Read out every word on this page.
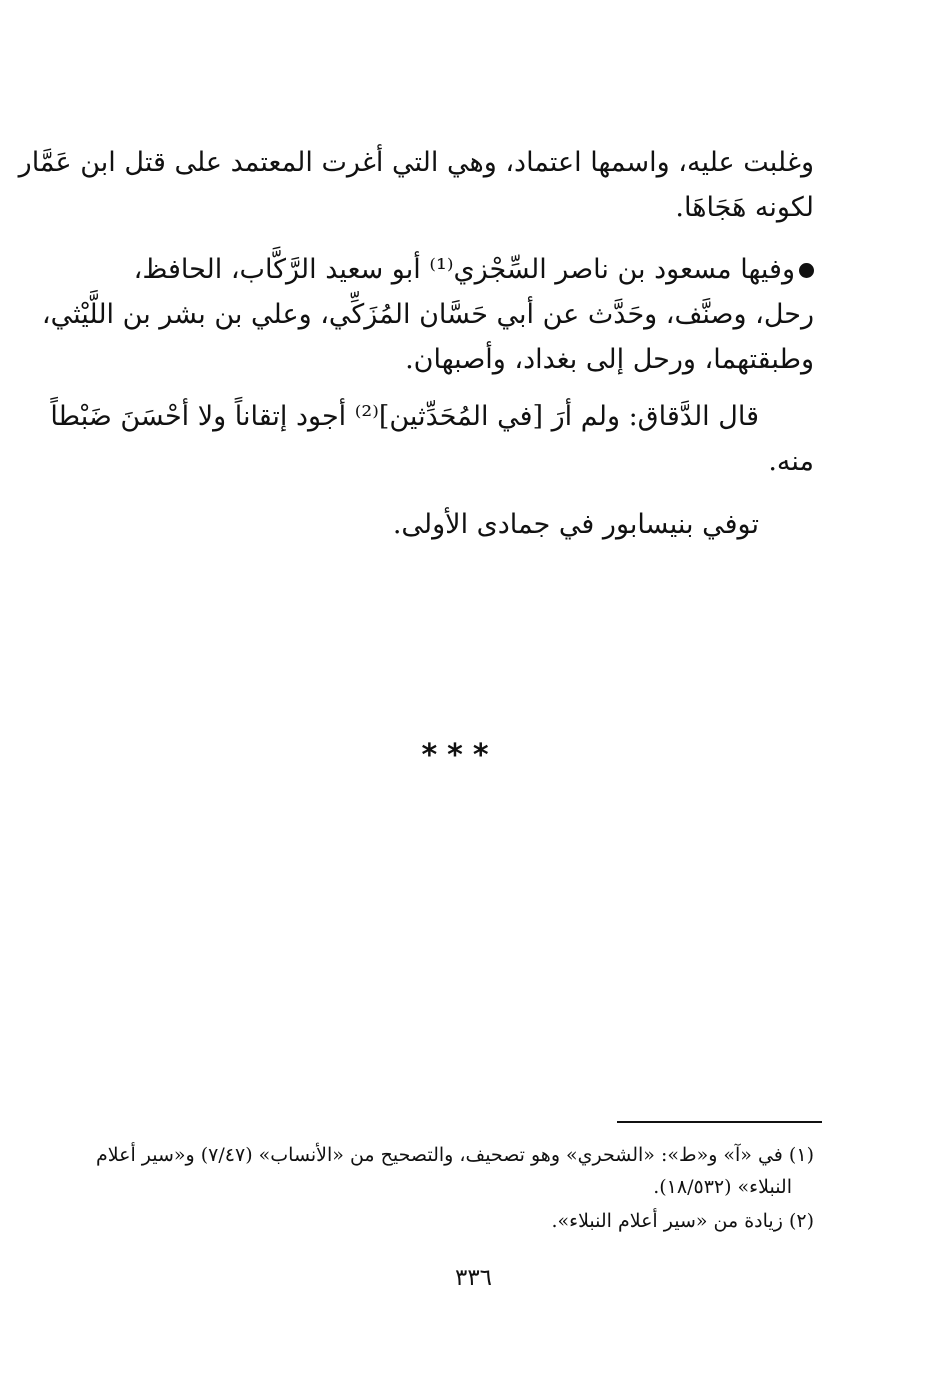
وغلبت عليه، واسمها اعتماد، وهي التي أغرت المعتمد على قتل ابن عَمَّار
لكونه هَجَاهَا.
وفيها مسعود بن ناصر السِّجْزي⁽¹⁾ أبو سعيد الرَّكَّاب، الحافظ،
رحل، وصنَّف، وحَدَّث عن أبي حَسَّان المُزَكِّي، وعلي بن بشر بن اللَّيْثي،
وطبقتهما، ورحل إلى بغداد، وأصبهان.
قال الدَّقاق: ولم أرَ [في المُحَدِّثين]⁽²⁾ أجود إتقاناً ولا أحْسَنَ ضَبْطاً
منه.
توفي بنيسابور في جمادى الأولى.
***
(١) في «آ» و«ط»: «الشحري» وهو تصحيف، والتصحيح من «الأنساب» (٧/٤٧) و«سير أعلام
النبلاء» (١٨/٥٣٢).
(٢) زيادة من «سير أعلام النبلاء».
٣٣٦
